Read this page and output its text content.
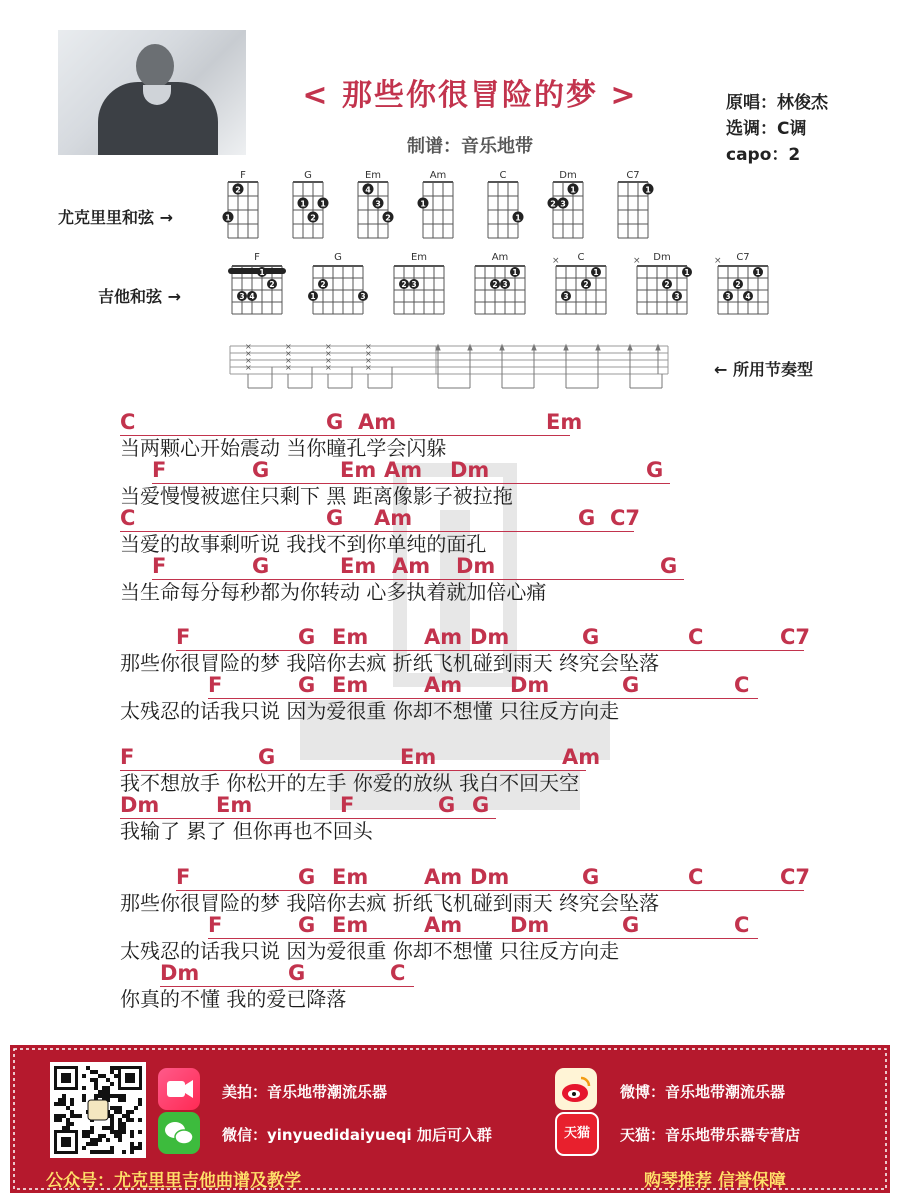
< 那些你很冒险的梦 >
制谱：音乐地带
原唱：林俊杰
选调：C调
capo：2
尤克里里和弦 →
吉他和弦 →
← 所用节奏型
F
2
1
G
1
2
1
Em
4
3
2
Am
1
C
1
Dm
2 3
1
C7
1
F
1
3 4
2
G
2
1	3
Em
2 3
Am
2 3
1
C
×
3
2
1
Dm
×
2
3
1
C7
×
3
2
4
1
×
×
×
×
×
×
×
×
×
×
×
×
×
×
×
×
C	G Am	Em
当两颗心开始震动 当你瞳孔学会闪躲
F	G	Em Am Dm	G
当爱慢慢被遮住只剩下 黑 距离像影子被拉拖
C	G Am	G C7
当爱的故事剩听说 我找不到你单纯的面孔
F	G	Em Am Dm	G
当生命每分每秒都为你转动 心多执着就加倍心痛
F	G Em	Am Dm	G	C	C7
那些你很冒险的梦 我陪你去疯 折纸飞机碰到雨天 终究会坠落
F	G Em	Am Dm	G	C
太残忍的话我只说 因为爱很重 你却不想懂 只往反方向走
F	G	Em	Am
我不想放手 你松开的左手 你爱的放纵 我白不回天空
Dm	Em	F	G G
我输了 累了 但你再也不回头
F	G Em	Am Dm	G	C	C7
那些你很冒险的梦 我陪你去疯 折纸飞机碰到雨天 终究会坠落
F	G Em	Am Dm	G	C
太残忍的话我只说 因为爱很重 你却不想懂 只往反方向走
Dm	G	C
你真的不懂 我的爱已降落
美拍：音乐地带潮流乐器
微信：yinyuedidaiyueqi 加后可入群
微博：音乐地带潮流乐器
天猫	天猫：音乐地带乐器专营店
公众号：尤克里里吉他曲谱及教学	购琴推荐 信誉保障
